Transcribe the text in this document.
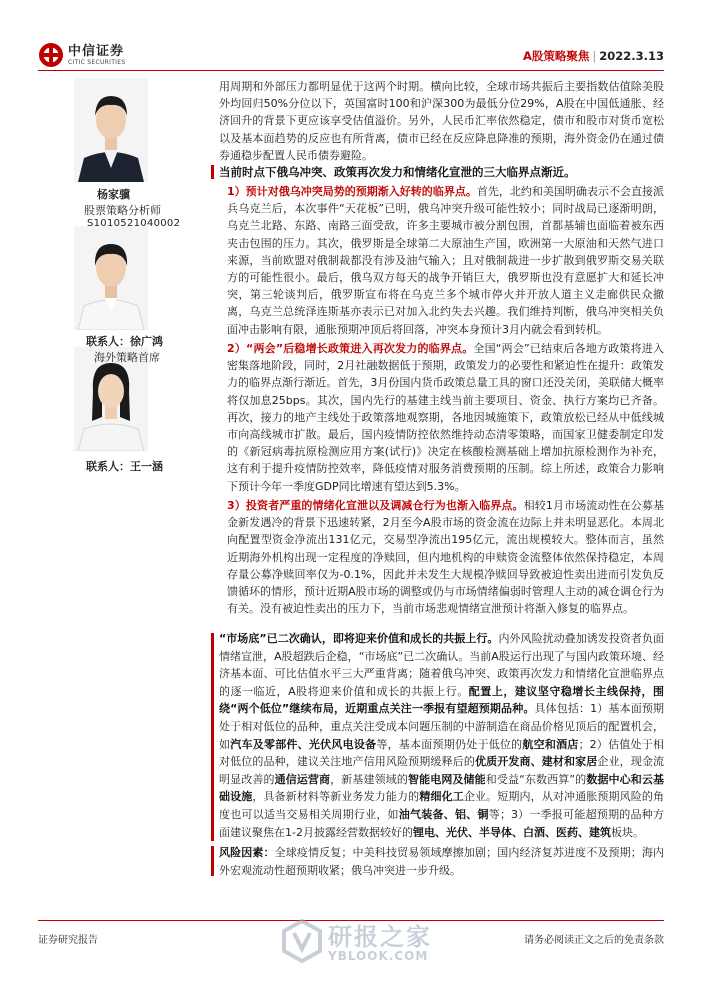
中信证券
CITIC SECURITIES	A股策略聚焦 | 2022.3.13
杨家骥
股票策略分析师
S1010521040002
联系人：徐广鸿
海外策略首席
联系人：王一涵
用周期和外部压力都明显优于这两个时期。横向比较，全球市场共振后主要指数估值除美股外均回归50%分位以下，英国富时100和沪深300为最低分位29%，A股在中国低通胀、经济回升的背景下更应该享受估值溢价。另外，人民币汇率依然稳定，债市和股市对货币宽松以及基本面趋势的反应也有所背离，债市已经在反应降息降准的预期，海外资金仍在通过债券通稳步配置人民币债券避险。
当前时点下俄乌冲突、政策再次发力和情绪化宣泄的三大临界点渐近。
1）预计对俄乌冲突局势的预期渐入好转的临界点。首先，北约和美国明确表示不会直接派兵乌克兰后，本次事件“天花板”已明，俄乌冲突升级可能性较小；同时战局已逐渐明朗，乌克兰北路、东路、南路三面受敌，许多主要城市被分割包围，首都基辅也面临着被东西夹击包围的压力。其次，俄罗斯是全球第二大原油生产国，欧洲第一大原油和天然气进口来源，当前欧盟对俄制裁都没有涉及油气输入；且对俄制裁进一步扩散到俄罗斯交易关联方的可能性很小。最后，俄乌双方每天的战争开销巨大，俄罗斯也没有意愿扩大和延长冲突，第三轮谈判后，俄罗斯宣布将在乌克兰多个城市停火并开放人道主义走廊供民众撤离，乌克兰总统泽连斯基亦表示已对加入北约失去兴趣。我们维持判断，俄乌冲突相关负面冲击影响有限，通胀预期冲顶后将回落，冲突本身预计3月内就会看到转机。
2）“两会”后稳增长政策进入再次发力的临界点。全国“两会”已结束后各地方政策将进入密集落地阶段，同时，2月社融数据低于预期，政策发力的必要性和紧迫性在提升：政策发力的临界点渐行渐近。首先，3月份国内货币政策总量工具的窗口还没关闭，美联储大概率将仅加息25bps。其次，国内先行的基建主线当前主要项目、资金、执行方案均已齐备。再次，接力的地产主线处于政策落地观察期，各地因城施策下，政策放松已经从中低线城市向高线城市扩散。最后，国内疫情防控依然维持动态清零策略，而国家卫健委制定印发的《新冠病毒抗原检测应用方案(试行)》决定在核酸检测基础上增加抗原检测作为补充，这有利于提升疫情防控效率，降低疫情对服务消费预期的压制。综上所述，政策合力影响下预计今年一季度GDP同比增速有望达到5.3%。
3）投资者严重的情绪化宣泄以及调减仓行为也渐入临界点。相较1月市场流动性在公募基金新发遇冷的背景下迅速转紧，2月至今A股市场的资金流在边际上并未明显恶化。本周北向配置型资金净流出131亿元，交易型净流出195亿元，流出规模较大。整体而言，虽然近期海外机构出现一定程度的净赎回，但内地机构的申赎资金流整体依然保持稳定，本周存量公募净赎回率仅为-0.1%，因此并未发生大规模净赎回导致被迫性卖出进而引发负反馈循环的情形，预计近期A股市场的调整或仍与市场情绪偏弱时管理人主动的减仓调仓行为有关。没有被迫性卖出的压力下，当前市场悲观情绪宣泄预计将渐入修复的临界点。
“市场底”已二次确认，即将迎来价值和成长的共振上行。内外风险扰动叠加诱发投资者负面情绪宣泄，A股超跌后企稳，“市场底”已二次确认。当前A股运行出现了与国内政策环境、经济基本面、可比估值水平三大严重背离；随着俄乌冲突、政策再次发力和情绪化宣泄临界点的逐一临近，A股将迎来价值和成长的共振上行。配置上，建议坚守稳增长主线保持，围绕“两个低位”继续布局，近期重点关注一季报有望超预期品种。具体包括：1）基本面预期处于相对低位的品种，重点关注受成本问题压制的中游制造在商品价格见顶后的配置机会，如汽车及零部件、光伏风电设备等，基本面预期仍处于低位的航空和酒店；2）估值处于相对低位的品种，建议关注地产信用风险预期缓释后的优质开发商、建材和家居企业，现金流明显改善的通信运营商，新基建领域的智能电网及储能和受益“东数西算”的数据中心和云基础设施，具备新材料等新业务发力能力的精细化工企业。短期内，从对冲通胀预期风险的角度也可以适当交易相关周期行业，如油气装备、铝、铜等；3）一季报可能超预期的品种方面建议聚焦在1-2月披露经营数据较好的锂电、光伏、半导体、白酒、医药、建筑板块。
风险因素：全球疫情反复；中美科技贸易领域摩擦加剧；国内经济复苏进度不及预期；海内外宏观流动性超预期收紧；俄乌冲突进一步升级。
证券研究报告	请务必阅读正文之后的免责条款
研报之家
YBLOOK.COM
